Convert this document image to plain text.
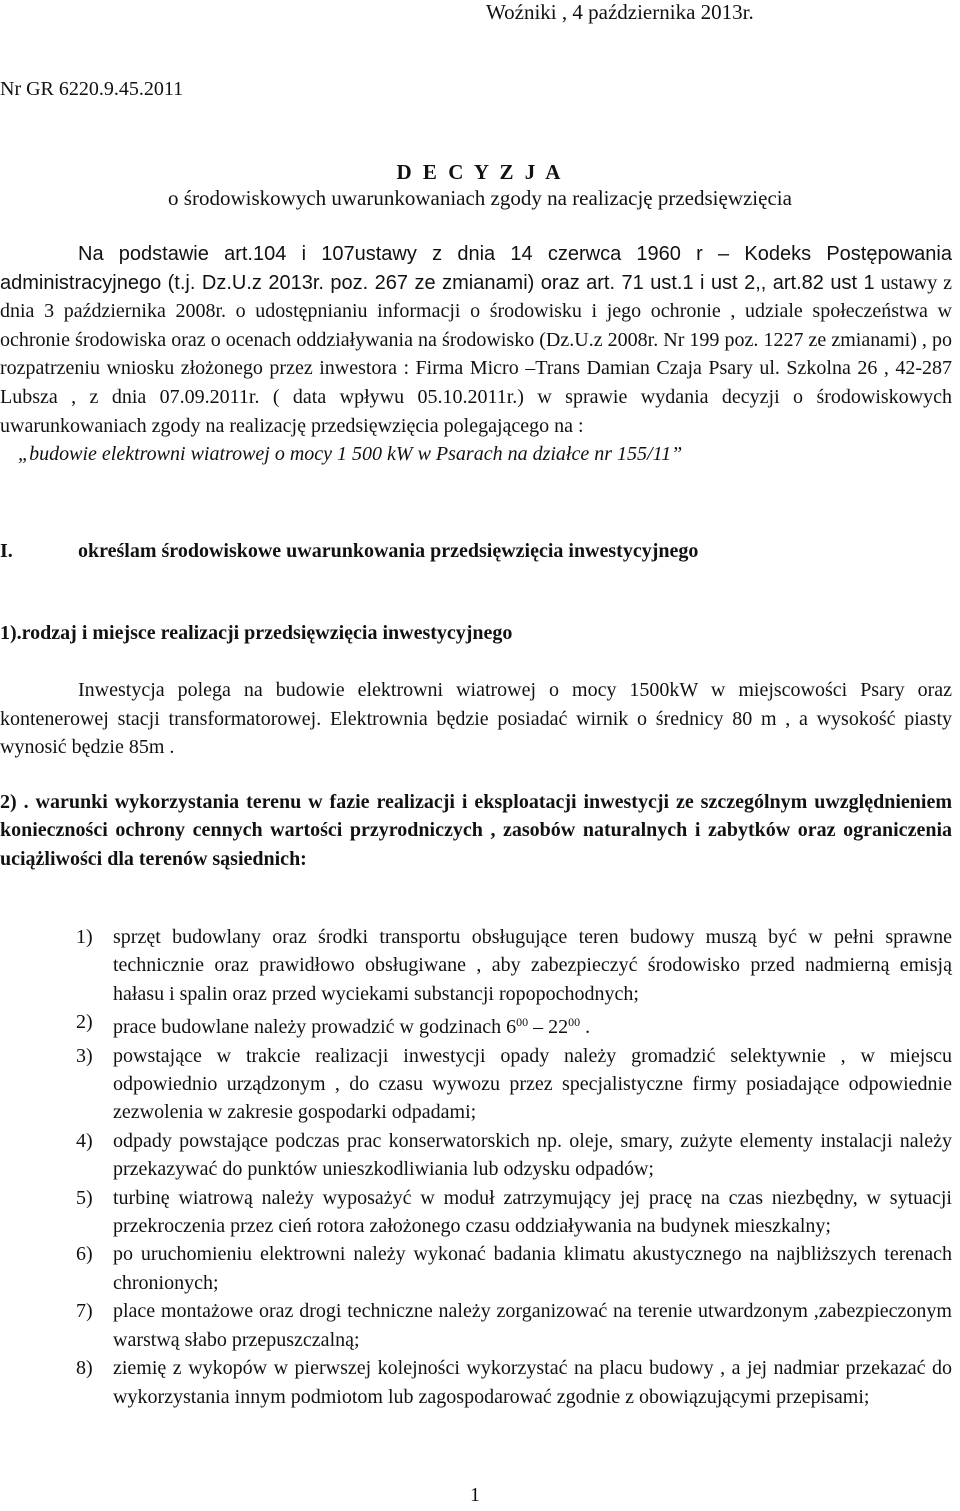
Woźniki , 4 października 2013r.
Nr GR 6220.9.45.2011
D E C Y Z J A
o środowiskowych uwarunkowaniach zgody na realizację przedsięwzięcia
Na podstawie art.104 i 107ustawy z dnia 14 czerwca 1960 r – Kodeks Postępowania administracyjnego (t.j. Dz.U.z 2013r. poz. 267 ze zmianami) oraz art. 71 ust.1 i ust 2,, art.82 ust 1 ustawy z dnia 3 października 2008r. o udostępnianiu informacji o środowisku i jego ochronie , udziale społeczeństwa w ochronie środowiska oraz o ocenach oddziaływania na środowisko (Dz.U.z 2008r. Nr 199 poz. 1227 ze zmianami) , po rozpatrzeniu wniosku złożonego przez inwestora : Firma Micro –Trans Damian Czaja Psary ul. Szkolna 26 , 42-287 Lubsza , z dnia 07.09.2011r. ( data wpływu 05.10.2011r.) w sprawie wydania decyzji o środowiskowych uwarunkowaniach zgody na realizację przedsięwzięcia polegającego na :
„budowie elektrowni wiatrowej o mocy 1 500 kW w Psarach na działce nr 155/11”
I.	określam środowiskowe uwarunkowania przedsięwzięcia inwestycyjnego
1).rodzaj i miejsce realizacji przedsięwzięcia inwestycyjnego
Inwestycja polega na budowie elektrowni wiatrowej o mocy 1500kW w miejscowości Psary oraz kontenerowej stacji transformatorowej. Elektrownia będzie posiadać wirnik o średnicy 80 m , a wysokość piasty wynosić będzie 85m .
2) . warunki wykorzystania terenu w fazie realizacji i eksploatacji inwestycji ze szczególnym uwzględnieniem konieczności ochrony cennych wartości przyrodniczych , zasobów naturalnych i zabytków oraz ograniczenia uciążliwości dla terenów sąsiednich:
1) sprzęt budowlany oraz środki transportu obsługujące teren budowy muszą być w pełni sprawne technicznie oraz prawidłowo obsługiwane , aby zabezpieczyć środowisko przed nadmierną emisją hałasu i spalin oraz przed wyciekami substancji ropopochodnych;
2) prace budowlane należy prowadzić w godzinach $6^{00} - 22^{00}$ .
3) powstające w trakcie realizacji inwestycji opady należy gromadzić selektywnie , w miejscu odpowiednio urządzonym , do czasu wywozu przez specjalistyczne firmy posiadające odpowiednie zezwolenia w zakresie gospodarki odpadami;
4) odpady powstające podczas prac konserwatorskich np. oleje, smary, zużyte elementy instalacji należy przekazywać do punktów unieszkodliwiania lub odzysku odpadów;
5) turbinę wiatrową należy wyposażyć w moduł zatrzymujący jej pracę na czas niezbędny, w sytuacji przekroczenia przez cień rotora założonego czasu oddziaływania na budynek mieszkalny;
6) po uruchomieniu elektrowni należy wykonać badania klimatu akustycznego na najbliższych terenach chronionych;
7) place montażowe oraz drogi techniczne należy zorganizować na terenie utwardzonym ,zabezpieczonym warstwą słabo przepuszczalną;
8) ziemię z wykopów w pierwszej kolejności wykorzystać na placu budowy , a jej nadmiar przekazać do wykorzystania innym podmiotom lub zagospodarować zgodnie z obowiązującymi przepisami;
1
